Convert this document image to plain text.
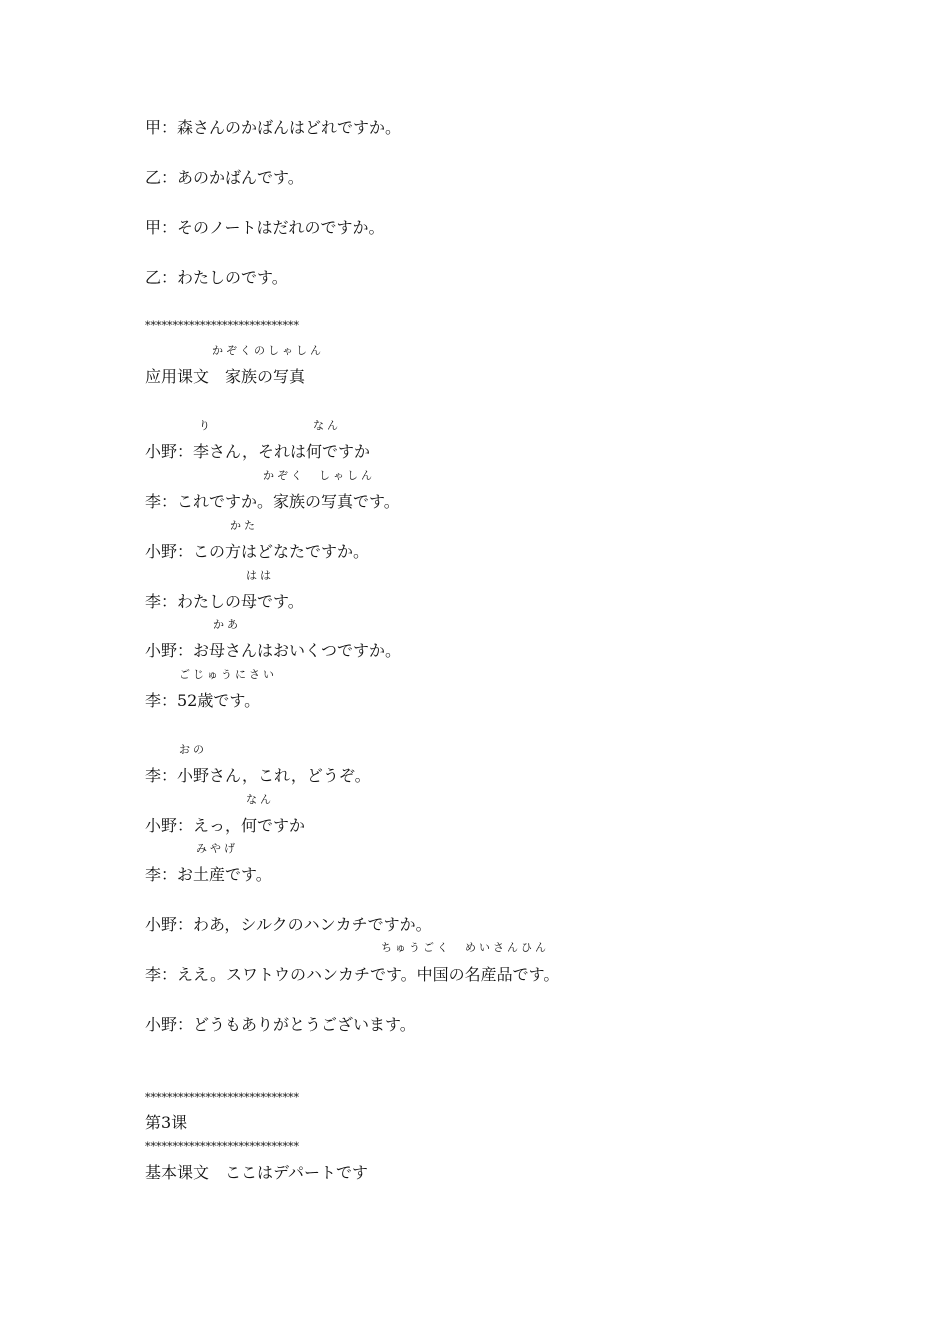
甲：森さんのかばんはどれですか。
乙：あのかばんです。
甲：そのノートはだれのですか。
乙：わたしのです。
****************************
かぞくのしゃしん
应用课文　家族の写真
り	なん
小野：李さん，それは何ですか
かぞく　しゃしん
李：これですか。家族の写真です。
かた
小野：この方はどなたですか。
はは
李：わたしの母です。
かあ
小野：お母さんはおいくつですか。
ごじゅうにさい
李：52歳です。
おの
李：小野さん，これ，どうぞ。
なん
小野：えっ，何ですか
みやげ
李：お土産です。
小野：わあ，シルクのハンカチですか。
ちゅうごく　めいさんひん
李：ええ。スワトウのハンカチです。中国の名産品です。
小野：どうもありがとうございます。
****************************
第3课
****************************
基本课文　ここはデパートです
